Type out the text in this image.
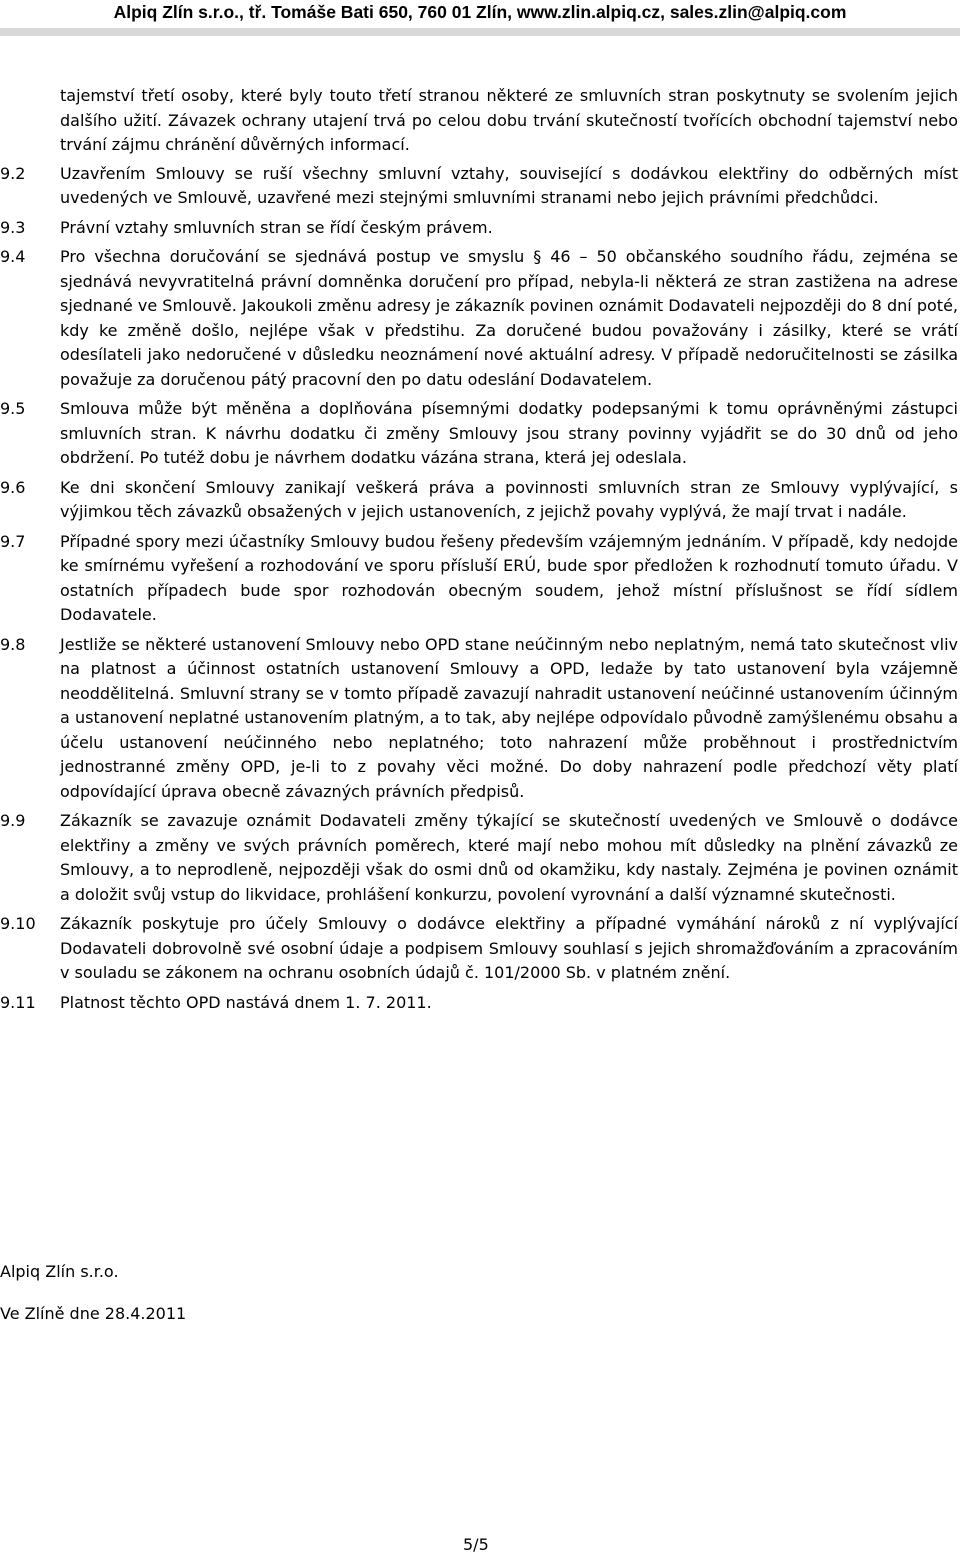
Alpiq Zlín s.r.o., tř. Tomáše Bati 650, 760 01 Zlín, www.zlin.alpiq.cz, sales.zlin@alpiq.com

tajemství třetí osoby, které byly touto třetí stranou některé ze smluvních stran poskytnuty se svolením jejich dalšího užití. Závazek ochrany utajení trvá po celou dobu trvání skutečností tvořících obchodní tajemství nebo trvání zájmu chránění důvěrných informací.

9.2	Uzavřením Smlouvy se ruší všechny smluvní vztahy, související s dodávkou elektřiny do odběrných míst uvedených ve Smlouvě, uzavřené mezi stejnými smluvními stranami nebo jejich právními předchůdci.
9.3	Právní vztahy smluvních stran se řídí českým právem.
9.4	Pro všechna doručování se sjednává postup ve smyslu § 46 – 50 občanského soudního řádu, zejména se sjednává nevyvratitelná právní domněnka doručení pro případ, nebyla-li některá ze stran zastižena na adrese sjednané ve Smlouvě. Jakoukoli změnu adresy je zákazník povinen oznámit Dodavateli nejpozději do 8 dní poté, kdy ke změně došlo, nejlépe však v předstihu. Za doručené budou považovány i zásilky, které se vrátí odesílateli jako nedoručené v důsledku neoznámení nové aktuální adresy. V případě nedoručitelnosti se zásilka považuje za doručenou pátý pracovní den po datu odeslání Dodavatelem.
9.5	Smlouva může být měněna a doplňována písemnými dodatky podepsanými k tomu oprávněnými zástupci smluvních stran. K návrhu dodatku či změny Smlouvy jsou strany povinny vyjádřit se do 30 dnů od jeho obdržení. Po tutéž dobu je návrhem dodatku vázána strana, která jej odeslala.
9.6	Ke dni skončení Smlouvy zanikají veškerá práva a povinnosti smluvních stran ze Smlouvy vyplývající, s výjimkou těch závazků obsažených v jejich ustanoveních, z jejichž povahy vyplývá, že mají trvat i nadále.
9.7	Případné spory mezi účastníky Smlouvy budou řešeny především vzájemným jednáním. V případě, kdy nedojde ke smírnému vyřešení a rozhodování ve sporu přísluší ERÚ, bude spor předložen k rozhodnutí tomuto úřadu. V ostatních případech bude spor rozhodován obecným soudem, jehož místní příslušnost se řídí sídlem Dodavatele.
9.8	Jestliže se některé ustanovení Smlouvy nebo OPD stane neúčinným nebo neplatným, nemá tato skutečnost vliv na platnost a účinnost ostatních ustanovení Smlouvy a OPD, ledaže by tato ustanovení byla vzájemně neoddělitelná. Smluvní strany se v tomto případě zavazují nahradit ustanovení neúčinné ustanovením účinným a ustanovení neplatné ustanovením platným, a to tak, aby nejlépe odpovídalo původně zamýšlenému obsahu a účelu ustanovení neúčinného nebo neplatného; toto nahrazení může proběhnout i prostřednictvím jednostranné změny OPD, je-li to z povahy věci možné. Do doby nahrazení podle předchozí věty platí odpovídající úprava obecně závazných právních předpisů.
9.9	Zákazník se zavazuje oznámit Dodavateli změny týkající se skutečností uvedených ve Smlouvě o dodávce elektřiny a změny ve svých právních poměrech, které mají nebo mohou mít důsledky na plnění závazků ze Smlouvy, a to neprodleně, nejpozději však do osmi dnů od okamžiku, kdy nastaly. Zejména je povinen oznámit a doložit svůj vstup do likvidace, prohlášení konkurzu, povolení vyrovnání a další významné skutečnosti.
9.10	Zákazník poskytuje pro účely Smlouvy o dodávce elektřiny a případné vymáhání nároků z ní vyplývající Dodavateli dobrovolně své osobní údaje a podpisem Smlouvy souhlasí s jejich shromažďováním a zpracováním v souladu se zákonem na ochranu osobních údajů č. 101/2000 Sb. v platném znění.
9.11	Platnost těchto OPD nastává dnem 1. 7. 2011.
Alpiq Zlín s.r.o.
Ve Zlíně dne 28.4.2011
5/5
